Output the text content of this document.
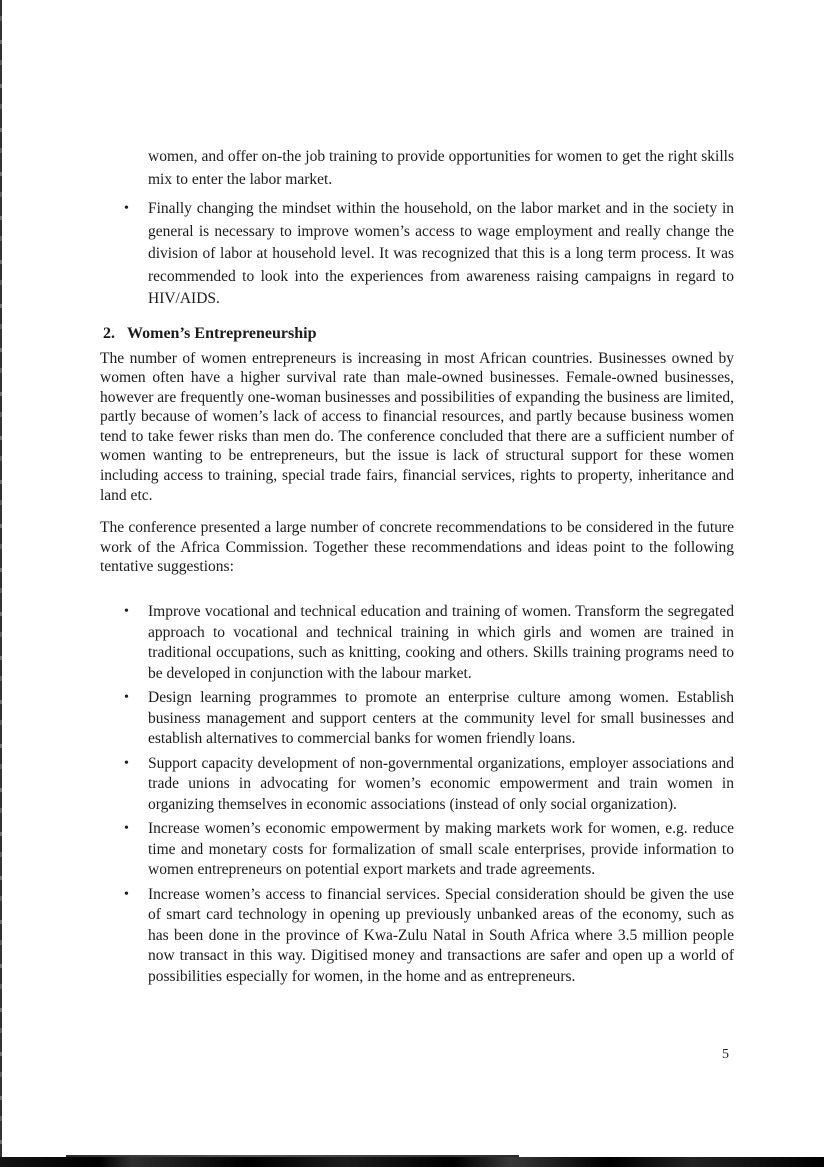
women, and offer on-the job training to provide opportunities for women to get the right skills mix to enter the labor market.
•	Finally changing the mindset within the household, on the labor market and in the society in general is necessary to improve women’s access to wage employment and really change the division of labor at household level. It was recognized that this is a long term process. It was recommended to look into the experiences from awareness raising campaigns in regard to HIV/AIDS.
2. Women’s Entrepreneurship
The number of women entrepreneurs is increasing in most African countries. Businesses owned by women often have a higher survival rate than male-owned businesses. Female-owned businesses, however are frequently one-woman businesses and possibilities of expanding the business are limited, partly because of women’s lack of access to financial resources, and partly because business women tend to take fewer risks than men do. The conference concluded that there are a sufficient number of women wanting to be entrepreneurs, but the issue is lack of structural support for these women including access to training, special trade fairs, financial services, rights to property, inheritance and land etc.
The conference presented a large number of concrete recommendations to be considered in the future work of the Africa Commission. Together these recommendations and ideas point to the following tentative suggestions:
•	Improve vocational and technical education and training of women. Transform the segregated approach to vocational and technical training in which girls and women are trained in traditional occupations, such as knitting, cooking and others. Skills training programs need to be developed in conjunction with the labour market.
•	Design learning programmes to promote an enterprise culture among women. Establish business management and support centers at the community level for small businesses and establish alternatives to commercial banks for women friendly loans.
•	Support capacity development of non-governmental organizations, employer associations and trade unions in advocating for women’s economic empowerment and train women in organizing themselves in economic associations (instead of only social organization).
•	Increase women’s economic empowerment by making markets work for women, e.g. reduce time and monetary costs for formalization of small scale enterprises, provide information to women entrepreneurs on potential export markets and trade agreements.
•	Increase women’s access to financial services. Special consideration should be given the use of smart card technology in opening up previously unbanked areas of the economy, such as has been done in the province of Kwa-Zulu Natal in South Africa where 3.5 million people now transact in this way. Digitised money and transactions are safer and open up a world of possibilities especially for women, in the home and as entrepreneurs.
5
